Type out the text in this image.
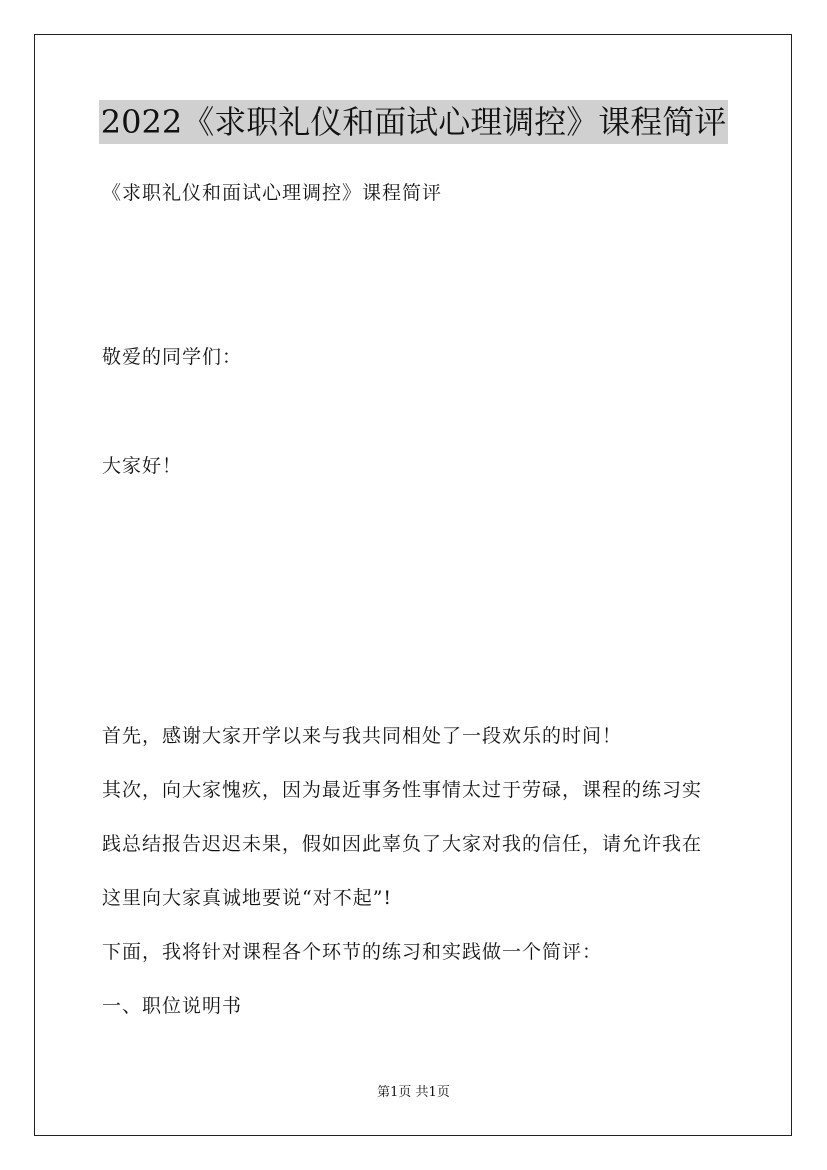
2022《求职礼仪和面试心理调控》课程简评
《求职礼仪和面试心理调控》课程简评
敬爱的同学们：
大家好！
首先，感谢大家开学以来与我共同相处了一段欢乐的时间！
其次，向大家愧疚，因为最近事务性事情太过于劳碌，课程的练习实
践总结报告迟迟未果，假如因此辜负了大家对我的信任，请允许我在
这里向大家真诚地要说“对不起”!
下面，我将针对课程各个环节的练习和实践做一个简评：
一、职位说明书
第1页 共1页
